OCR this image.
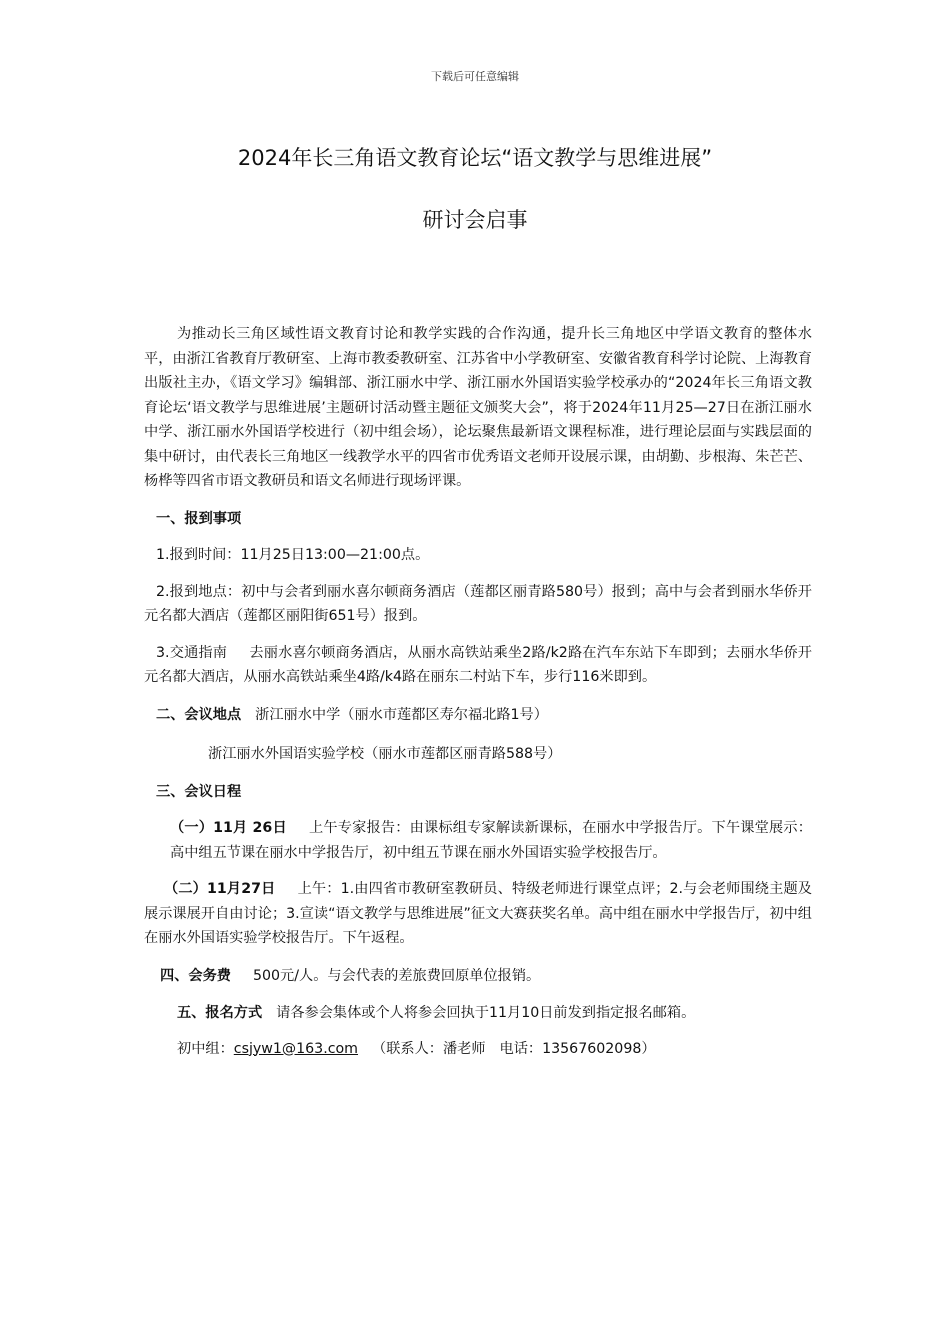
下载后可任意编辑
2024年长三角语文教育论坛“语文教学与思维进展”
研讨会启事

为推动长三角区域性语文教育讨论和教学实践的合作沟通，提升长三角地区中学语文教育的整体水平，由浙江省教育厅教研室、上海市教委教研室、江苏省中小学教研室、安徽省教育科学讨论院、上海教育出版社主办，《语文学习》编辑部、浙江丽水中学、浙江丽水外国语实验学校承办的“2024年长三角语文教育论坛‘语文教学与思维进展’主题研讨活动暨主题征文颁奖大会”，将于2024年11月25—27日在浙江丽水中学、浙江丽水外国语学校进行（初中组会场），论坛聚焦最新语文课程标准，进行理论层面与实践层面的集中研讨，由代表长三角地区一线教学水平的四省市优秀语文老师开设展示课，由胡勤、步根海、朱芒芒、杨桦等四省市语文教研员和语文名师进行现场评课。

一、报到事项

1.报到时间：11月25日13:00—21:00点。

2.报到地点：初中与会者到丽水喜尔顿商务酒店（莲都区丽青路580号）报到；高中与会者到丽水华侨开元名都大酒店（莲都区丽阳街651号）报到。

3.交通指南 去丽水喜尔顿商务酒店，从丽水高铁站乘坐2路/k2路在汽车东站下车即到；去丽水华侨开元名都大酒店，从丽水高铁站乘坐4路/k4路在丽东二村站下车，步行116米即到。

二、会议地点 浙江丽水中学（丽水市莲都区寿尔福北路1号）

浙江丽水外国语实验学校（丽水市莲都区丽青路588号）

三、会议日程

（一）11月 26日 上午专家报告：由课标组专家解读新课标，在丽水中学报告厅。下午课堂展示：高中组五节课在丽水中学报告厅，初中组五节课在丽水外国语实验学校报告厅。

（二）11月27日 上午：1.由四省市教研室教研员、特级老师进行课堂点评；2.与会老师围绕主题及展示课展开自由讨论；3.宣读“语文教学与思维进展”征文大赛获奖名单。高中组在丽水中学报告厅，初中组在丽水外国语实验学校报告厅。下午返程。

四、会务费 500元/人。与会代表的差旅费回原单位报销。

五、报名方式 请各参会集体或个人将参会回执于11月10日前发到指定报名邮箱。

初中组：csjyw1@163.com （联系人：潘老师 电话：13567602098）
